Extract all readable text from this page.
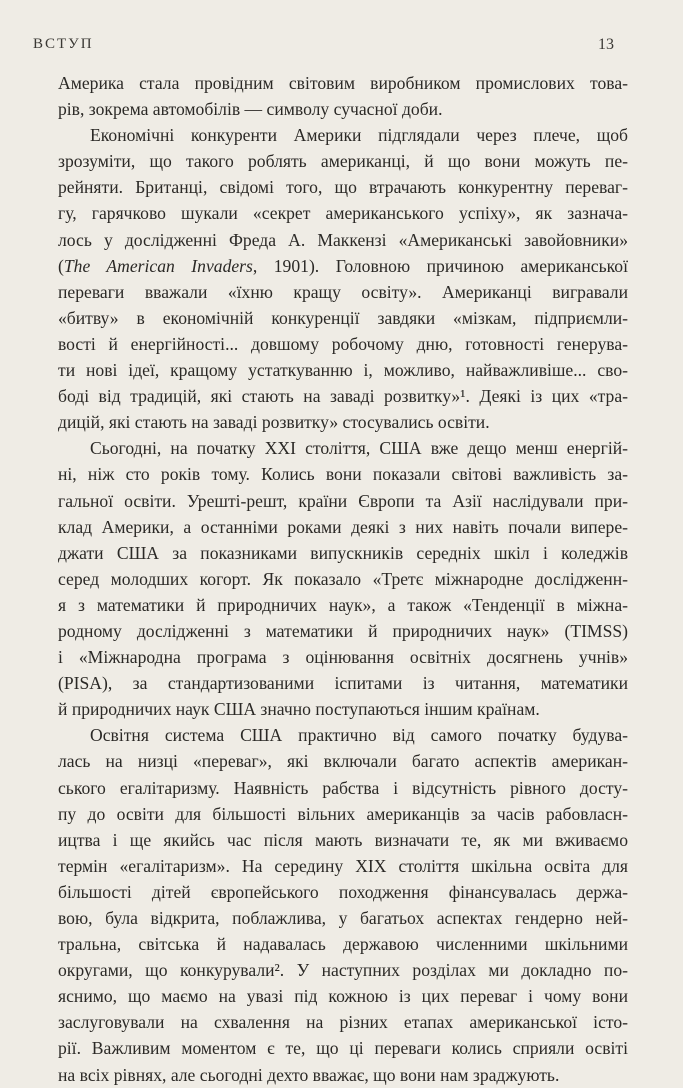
ВСТУП	13
Америка стала провідним світовим виробником промислових това-
рів, зокрема автомобілів — символу сучасної доби.
Економічні конкуренти Америки підглядали через плече, щоб
зрозуміти, що такого роблять американці, й що вони можуть пе-
рейняти. Британці, свідомі того, що втрачають конкурентну переваг-
гу, гарячково шукали «секрет американського успіху», як зазнача-
лось у дослідженні Фреда А. Маккензі «Американські завойовники»
(The American Invaders, 1901). Головною причиною американської
переваги вважали «їхню кращу освіту». Американці вигравали
«битву» в економічній конкуренції завдяки «мізкам, підприємли-
вості й енергійності... довшому робочому дню, готовності генерува-
ти нові ідеї, кращому устаткуванню і, можливо, найважливіше... сво-
боді від традицій, які стають на заваді розвитку»¹. Деякі із цих «тра-
дицій, які стають на заваді розвитку» стосувались освіти.
Сьогодні, на початку XXI століття, США вже дещо менш енергій-
ні, ніж сто років тому. Колись вони показали світові важливість за-
гальної освіти. Урешті-решт, країни Європи та Азії наслідували при-
клад Америки, а останніми роками деякі з них навіть почали випере-
джати США за показниками випускників середніх шкіл і коледжів
серед молодших когорт. Як показало «Третє міжнародне дослідженн-
я з математики й природничих наук», а також «Тенденції в міжна-
родному дослідженні з математики й природничих наук» (TIMSS)
і «Міжнародна програма з оцінювання освітніх досягнень учнів»
(PISA), за стандартизованими іспитами із читання, математики
й природничих наук США значно поступаються іншим країнам.
Освітня система США практично від самого початку будува-
лась на низці «переваг», які включали багато аспектів американ-
ського егалітаризму. Наявність рабства і відсутність рівного досту-
пу до освіти для більшості вільних американців за часів рабовласн-
ицтва і ще якийсь час після мають визначати те, як ми вживаємо
термін «егалітаризм». На середину XIX століття шкільна освіта для
більшості дітей європейського походження фінансувалась держа-
вою, була відкрита, поблажлива, у багатьох аспектах гендерно ней-
тральна, світська й надавалась державою численними шкільними
округами, що конкурували². У наступних розділах ми докладно по-
яснимо, що маємо на увазі під кожною із цих переваг і чому вони
заслуговували на схвалення на різних етапах американської істо-
рії. Важливим моментом є те, що ці переваги колись сприяли освіті
на всіх рівнях, але сьогодні дехто вважає, що вони нам зраджують.
